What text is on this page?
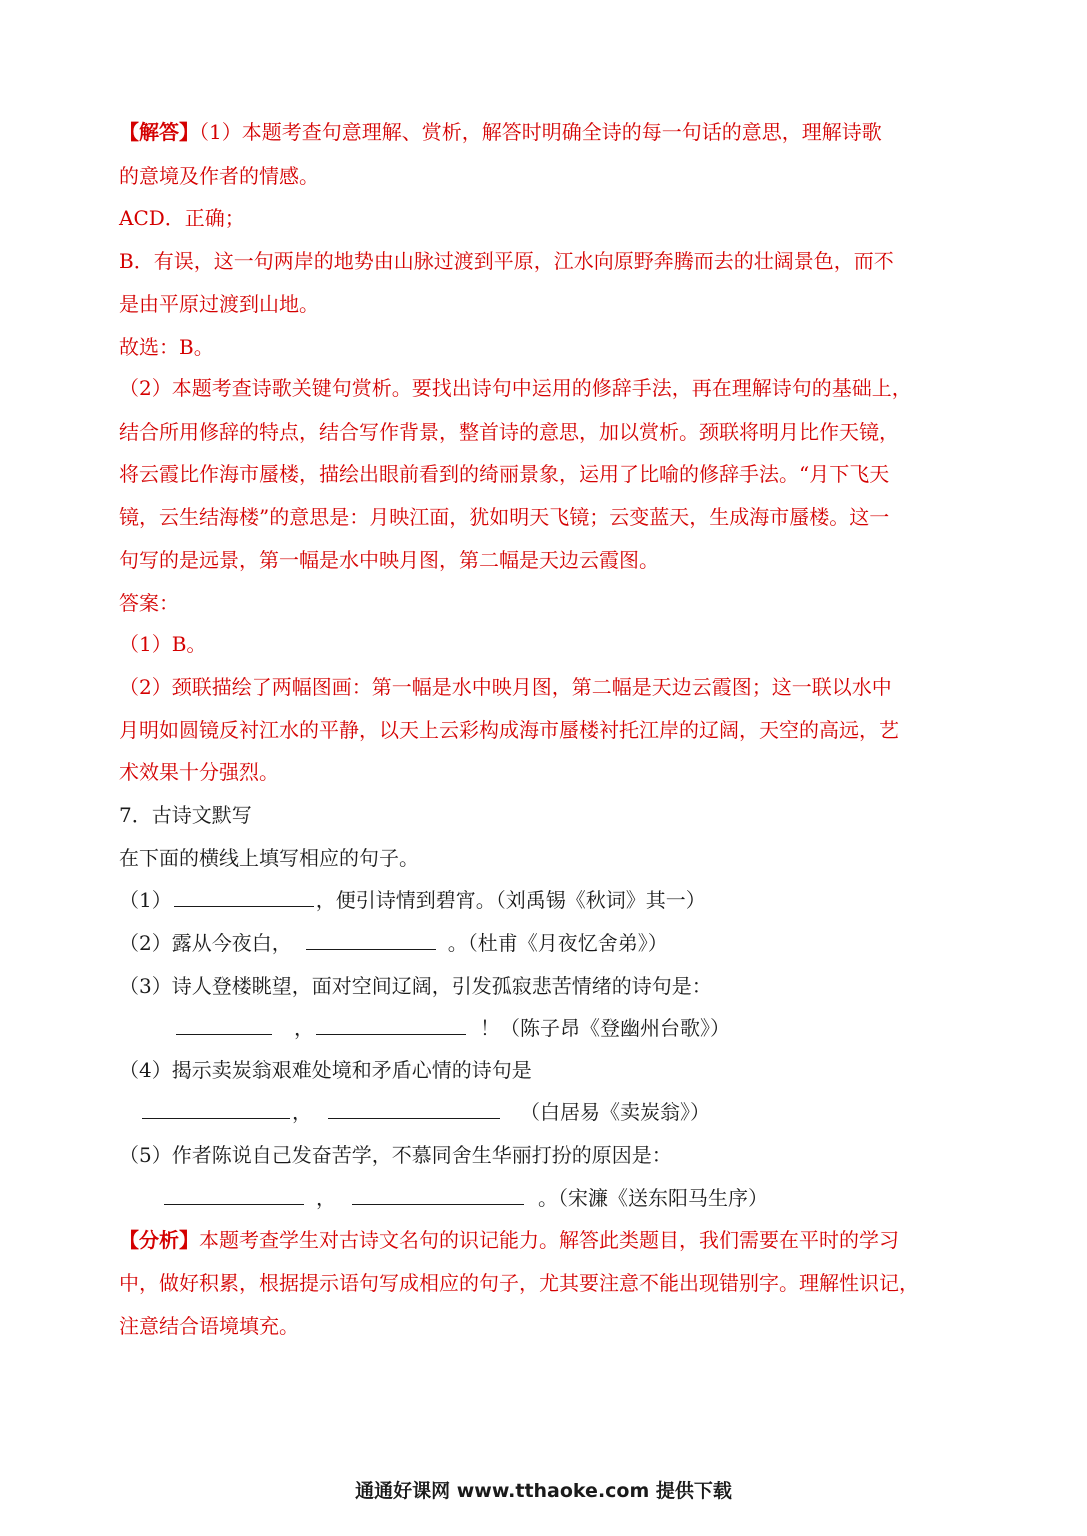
【解答】（1）本题考查句意理解、赏析，解答时明确全诗的每一句话的意思，理解诗歌
的意境及作者的情感。
ACD．正确；
B．有误，这一句两岸的地势由山脉过渡到平原，江水向原野奔腾而去的壮阔景色，而不
是由平原过渡到山地。
故选：B。
（2）本题考查诗歌关键句赏析。要找出诗句中运用的修辞手法，再在理解诗句的基础上，
结合所用修辞的特点，结合写作背景，整首诗的意思，加以赏析。颈联将明月比作天镜，
将云霞比作海市蜃楼，描绘出眼前看到的绮丽景象，运用了比喻的修辞手法。“月下飞天
镜，云生结海楼”的意思是：月映江面，犹如明天飞镜；云变蓝天，生成海市蜃楼。这一
句写的是远景，第一幅是水中映月图，第二幅是天边云霞图。
答案：
（1）B。
（2）颈联描绘了两幅图画：第一幅是水中映月图，第二幅是天边云霞图；这一联以水中
月明如圆镜反衬江水的平静，以天上云彩构成海市蜃楼衬托江岸的辽阔，天空的高远，艺
术效果十分强烈。
7．古诗文默写
在下面的横线上填写相应的句子。
（1）	，便引诗情到碧宵。（刘禹锡《秋词》其一）
（2）露从今夜白，	。（杜甫《月夜忆舍弟》）
（3）诗人登楼眺望，面对空间辽阔，引发孤寂悲苦情绪的诗句是：
，	！（陈子昂《登幽州台歌》）
（4）揭示卖炭翁艰难处境和矛盾心情的诗句是
，	（白居易《卖炭翁》）
（5）作者陈说自己发奋苦学，不慕同舍生华丽打扮的原因是：
，	。（宋濂《送东阳马生序）
【分析】本题考查学生对古诗文名句的识记能力。解答此类题目，我们需要在平时的学习
中，做好积累，根据提示语句写成相应的句子，尤其要注意不能出现错别字。理解性识记，
注意结合语境填充。
通通好课网 www.tthaoke.com 提供下载
